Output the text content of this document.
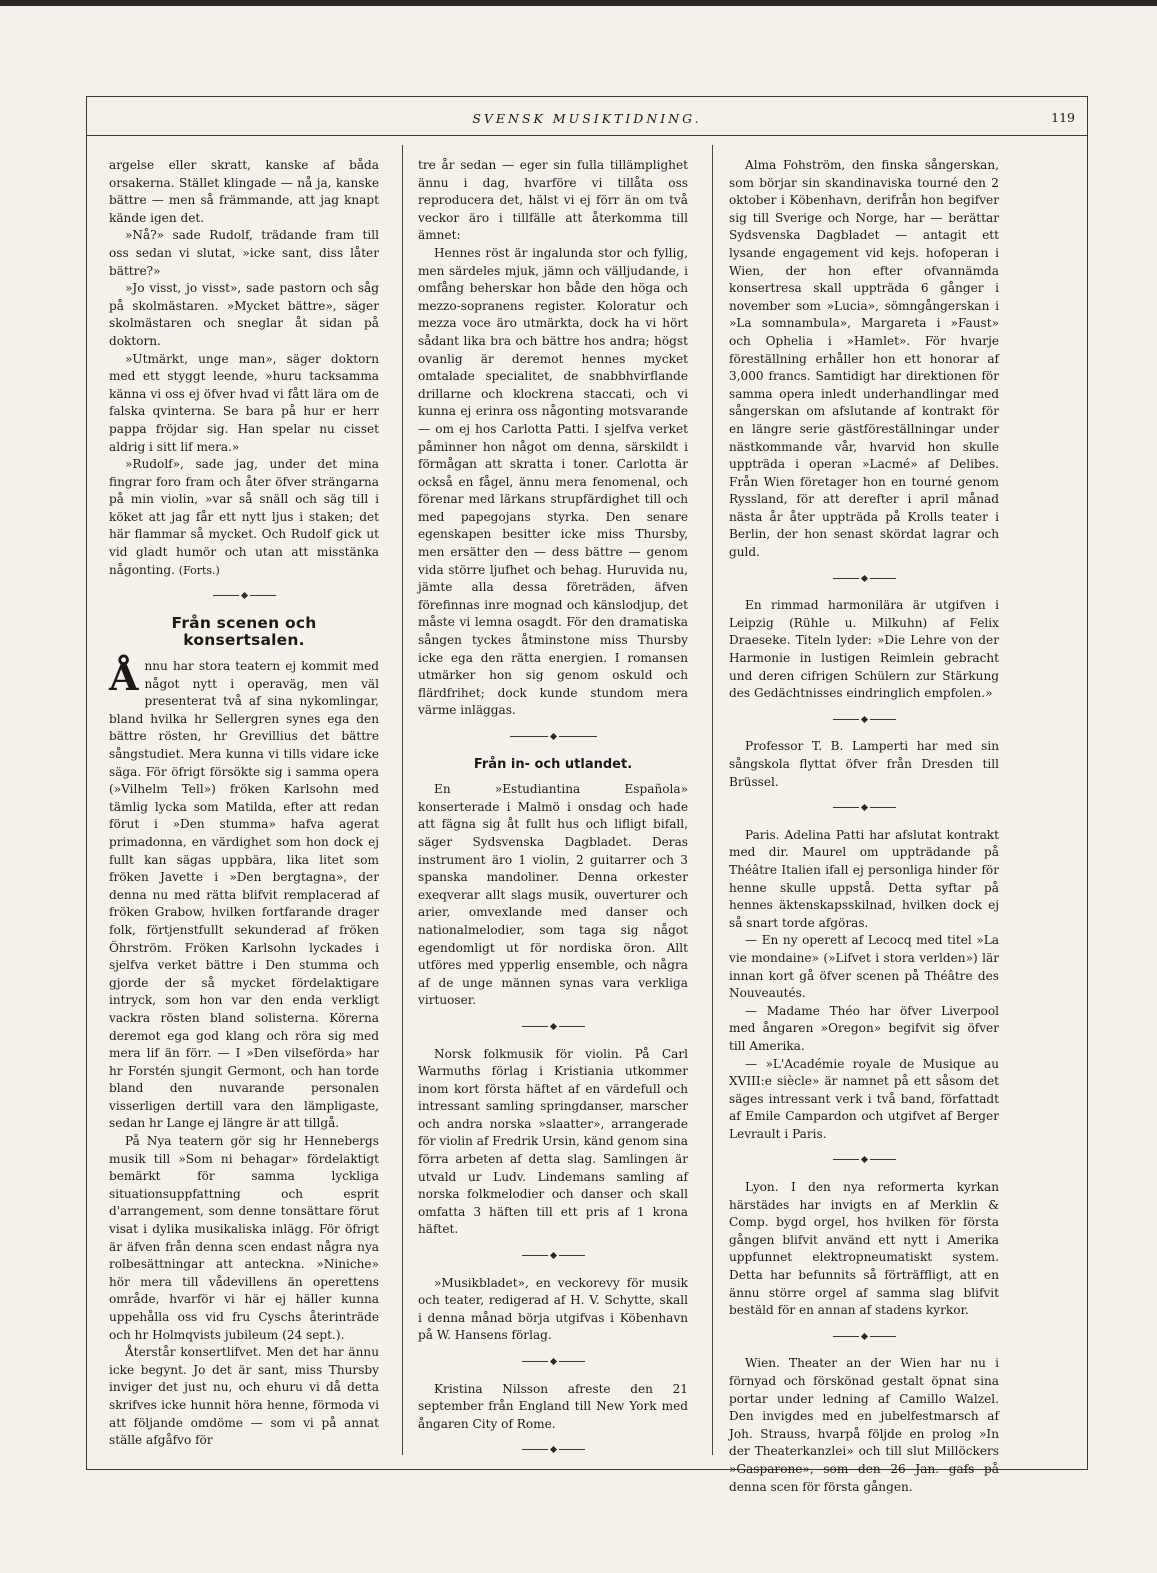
SVENSK MUSIKTIDNING.	119

argelse eller skratt, kanske af båda orsakerna. Stället klingade — nå ja, kanske bättre — men så främmande, att jag knapt kände igen det.

»Nå?» sade Rudolf, trädande fram till oss sedan vi slutat, »icke sant, diss låter bättre?»

»Jo visst, jo visst», sade pastorn och såg på skolmästaren. »Mycket bättre», säger skolmästaren och sneglar åt sidan på doktorn.

»Utmärkt, unge man», säger doktorn med ett styggt leende, »huru tacksamma känna vi oss ej öfver hvad vi fått lära om de falska qvinterna. Se bara på hur er herr pappa fröjdar sig. Han spelar nu cisset aldrig i sitt lif mera.»

»Rudolf», sade jag, under det mina fingrar foro fram och åter öfver strängarna på min violin, »var så snäll och säg till i köket att jag får ett nytt ljus i staken; det här flammar så mycket. Och Rudolf gick ut vid gladt humör och utan att misstänka någonting. (Forts.)

Från scenen och konsertsalen.

Ånnu har stora teatern ej kommit med något nytt i operaväg, men väl presenterat två af sina nykomlingar, bland hvilka hr Sellergren synes ega den bättre rösten, hr Grevillius det bättre sångstudiet. Mera kunna vi tills vidare icke säga. För öfrigt försökte sig i samma opera (»Vilhelm Tell») fröken Karlsohn med tämlig lycka som Matilda, efter att redan förut i »Den stumma» hafva agerat primadonna, en värdighet som hon dock ej fullt kan sägas uppbära, lika litet som fröken Javette i »Den bergtagna», der denna nu med rätta blifvit remplacerad af fröken Grabow, hvilken fortfarande drager folk, förtjenstfullt sekunderad af fröken Öhrström. Fröken Karlsohn lyckades i sjelfva verket bättre i Den stumma och gjorde der så mycket fördelaktigare intryck, som hon var den enda verkligt vackra rösten bland solisterna. Körerna deremot ega god klang och röra sig med mera lif än förr. — I »Den vilseförda» har hr Forstén sjungit Germont, och han torde bland den nuvarande personalen visserligen dertill vara den lämpligaste, sedan hr Lange ej längre är att tillgå.

På Nya teatern gör sig hr Hennebergs musik till »Som ni behagar» fördelaktigt bemärkt för samma lyckliga situationsuppfattning och esprit d'arrangement, som denne tonsättare förut visat i dylika musikaliska inlägg. För öfrigt är äfven från denna scen endast några nya rolbesättningar att anteckna. »Niniche» hör mera till vådevillens än operettens område, hvarför vi här ej häller kunna uppehålla oss vid fru Cyschs återinträde och hr Holmqvists jubileum (24 sept.).

Återstår konsertlifvet. Men det har ännu icke begynt. Jo det är sant, miss Thursby inviger det just nu, och ehuru vi då detta skrifves icke hunnit höra henne, förmoda vi att följande omdöme — som vi på annat ställe afgåfvo för

tre år sedan — eger sin fulla tillämplighet ännu i dag, hvarföre vi tillåta oss reproducera det, hälst vi ej förr än om två veckor äro i tillfälle att återkomma till ämnet:

Hennes röst är ingalunda stor och fyllig, men särdeles mjuk, jämn och välljudande, i omfång beherskar hon både den höga och mezzo-sopranens register. Koloratur och mezza voce äro utmärkta, dock ha vi hört sådant lika bra och bättre hos andra; högst ovanlig är deremot hennes mycket omtalade specialitet, de snabbhvirflande drillarne och klockrena staccati, och vi kunna ej erinra oss någonting motsvarande — om ej hos Carlotta Patti. I sjelfva verket påminner hon något om denna, särskildt i förmågan att skratta i toner. Carlotta är också en fågel, ännu mera fenomenal, och förenar med lärkans strupfärdighet till och med papegojans styrka. Den senare egenskapen besitter icke miss Thursby, men ersätter den — dess bättre — genom vida större ljufhet och behag. Huruvida nu, jämte alla dessa företräden, äfven förefinnas inre mognad och känslodjup, det måste vi lemna osagdt. För den dramatiska sången tyckes åtminstone miss Thursby icke ega den rätta energien. I romansen utmärker hon sig genom oskuld och flärdfrihet; dock kunde stundom mera värme inläggas.

Från in- och utlandet.

En »Estudiantina Española» konserterade i Malmö i onsdag och hade att fägna sig åt fullt hus och lifligt bifall, säger Sydsvenska Dagbladet. Deras instrument äro 1 violin, 2 guitarrer och 3 spanska mandoliner. Denna orkester exeqverar allt slags musik, ouverturer och arier, omvexlande med danser och nationalmelodier, som taga sig något egendomligt ut för nordiska öron. Allt utföres med ypperlig ensemble, och några af de unge männen synas vara verkliga virtuoser.

Norsk folkmusik för violin. På Carl Warmuths förlag i Kristiania utkommer inom kort första häftet af en värdefull och intressant samling springdanser, marscher och andra norska »slaatter», arrangerade för violin af Fredrik Ursin, känd genom sina förra arbeten af detta slag. Samlingen är utvald ur Ludv. Lindemans samling af norska folkmelodier och danser och skall omfatta 3 häften till ett pris af 1 krona häftet.

»Musikbladet», en veckorevy för musik och teater, redigerad af H. V. Schytte, skall i denna månad börja utgifvas i Köbenhavn på W. Hansens förlag.

Kristina Nilsson afreste den 21 september från England till New York med ångaren City of Rome.

Alma Fohström, den finska sångerskan, som börjar sin skandinaviska tourné den 2 oktober i Köbenhavn, derifrån hon begifver sig till Sverige och Norge, har — berättar Sydsvenska Dagbladet — antagit ett lysande engagement vid kejs. hofoperan i Wien, der hon efter ofvannämda konsertresa skall uppträda 6 gånger i november som »Lucia», sömngångerskan i »La somnambula», Margareta i »Faust» och Ophelia i »Hamlet». För hvarje föreställning erhåller hon ett honorar af 3,000 francs. Samtidigt har direktionen för samma opera inledt underhandlingar med sångerskan om afslutande af kontrakt för en längre serie gästföreställningar under nästkommande vår, hvarvid hon skulle uppträda i operan »Lacmé» af Delibes. Från Wien företager hon en tourné genom Ryssland, för att derefter i april månad nästa år åter uppträda på Krolls teater i Berlin, der hon senast skördat lagrar och guld.

En rimmad harmonilära är utgifven i Leipzig (Rühle u. Milkuhn) af Felix Draeseke. Titeln lyder: »Die Lehre von der Harmonie in lustigen Reimlein gebracht und deren cifrigen Schülern zur Stärkung des Gedächtnisses eindringlich empfolen.»

Professor T. B. Lamperti har med sin sångskola flyttat öfver från Dresden till Brüssel.

Paris. Adelina Patti har afslutat kontrakt med dir. Maurel om uppträdande på Théâtre Italien ifall ej personliga hinder för henne skulle uppstå. Detta syftar på hennes äktenskapsskilnad, hvilken dock ej så snart torde afgöras.

— En ny operett af Lecocq med titel »La vie mondaine» (»Lifvet i stora verlden») lär innan kort gå öfver scenen på Théâtre des Nouveautés.

— Madame Théo har öfver Liverpool med ångaren »Oregon» begifvit sig öfver till Amerika.

— »L'Académie royale de Musique au XVIII:e siècle» är namnet på ett såsom det säges intressant verk i två band, författadt af Emile Campardon och utgifvet af Berger Levrault i Paris.

Lyon. I den nya reformerta kyrkan härstädes har invigts en af Merklin & Comp. bygd orgel, hos hvilken för första gången blifvit använd ett nytt i Amerika uppfunnet elektropneumatiskt system. Detta har befunnits så förträffligt, att en ännu större orgel af samma slag blifvit bestäld för en annan af stadens kyrkor.

Wien. Theater an der Wien har nu i förnyad och förskönad gestalt öpnat sina portar under ledning af Camillo Walzel. Den invigdes med en jubelfestmarsch af Joh. Strauss, hvarpå följde en prolog »In der Theaterkanzlei» och till slut Millöckers »Gasparone», som den 26 Jan. gafs på denna scen för första gången.
